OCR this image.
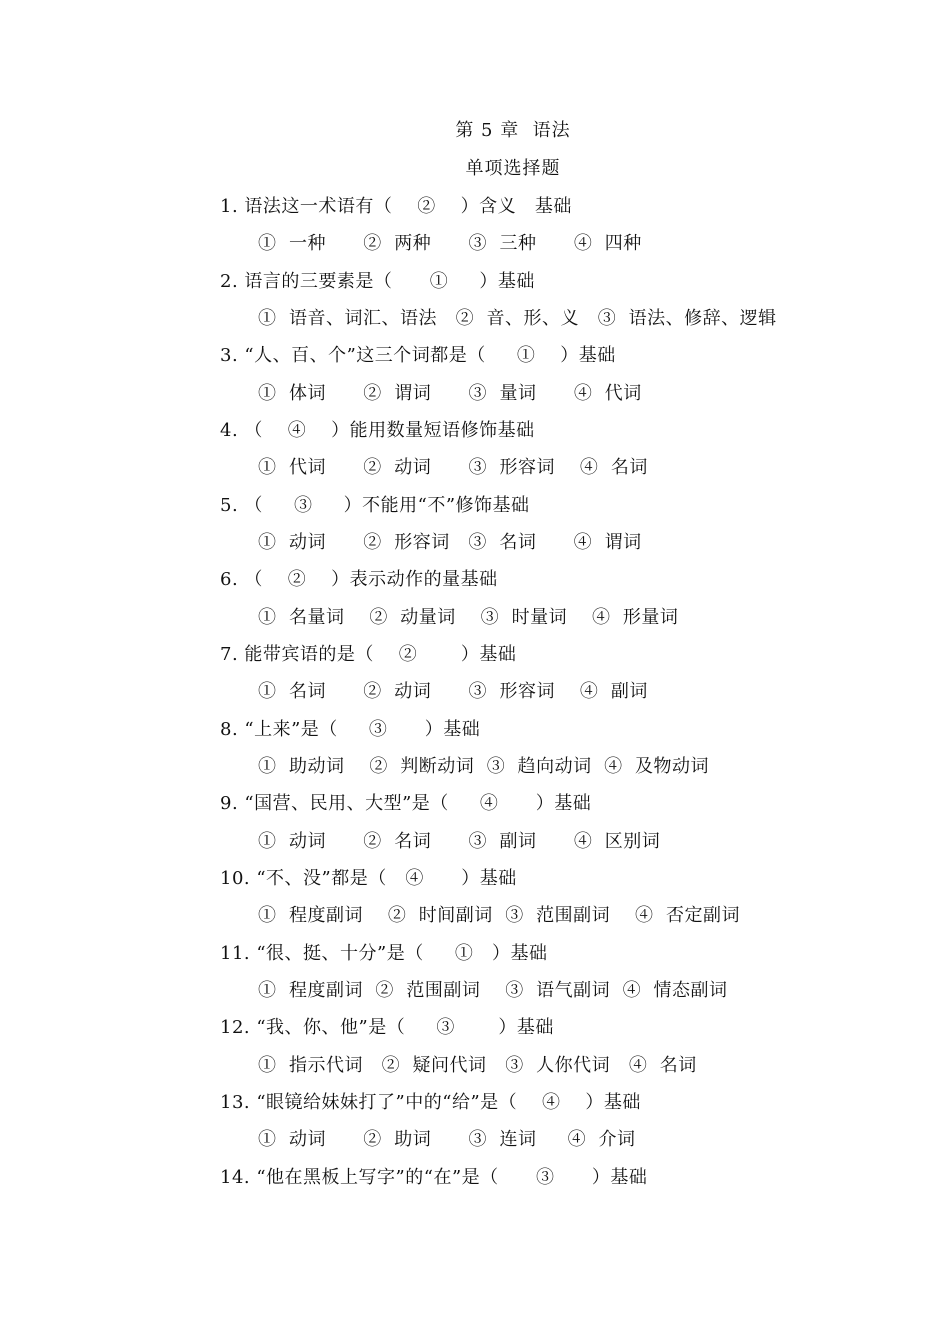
第 5 章  语法
单项选择题
1. 语法这一术语有（    ②    ）含义   基础
①  一种      ②  两种      ③  三种      ④  四种
2. 语言的三要素是（      ①     ）基础
①  语音、词汇、语法   ②  音、形、义   ③  语法、修辞、逻辑
3. “人、百、个”这三个词都是（     ①    ）基础
①  体词      ②  谓词      ③  量词      ④  代词
4. （    ④    ）能用数量短语修饰基础
①  代词      ②  动词      ③  形容词    ④  名词
5. （     ③     ）不能用“不”修饰基础
①  动词      ②  形容词   ③  名词      ④  谓词
6. （    ②    ）表示动作的量基础
①  名量词    ②  动量词    ③  时量词    ④  形量词
7. 能带宾语的是（    ②       ）基础
①  名词      ②  动词      ③  形容词    ④  副词
8. “上来”是（     ③      ）基础
①  助动词    ②  判断动词  ③  趋向动词  ④  及物动词
9. “国营、民用、大型”是（     ④      ）基础
①  动词      ②  名词      ③  副词      ④  区别词
10. “不、没”都是（   ④      ）基础
①  程度副词    ②  时间副词  ③  范围副词    ④  否定副词
11. “很、挺、十分”是（     ①   ）基础
①  程度副词  ②  范围副词    ③  语气副词  ④  情态副词
12. “我、你、他”是（     ③       ）基础
①  指示代词   ②  疑问代词   ③  人你代词   ④  名词
13. “眼镜给妹妹打了”中的“给”是（    ④    ）基础
①  动词      ②  助词      ③  连词     ④  介词
14. “他在黑板上写字”的“在”是（      ③      ）基础
